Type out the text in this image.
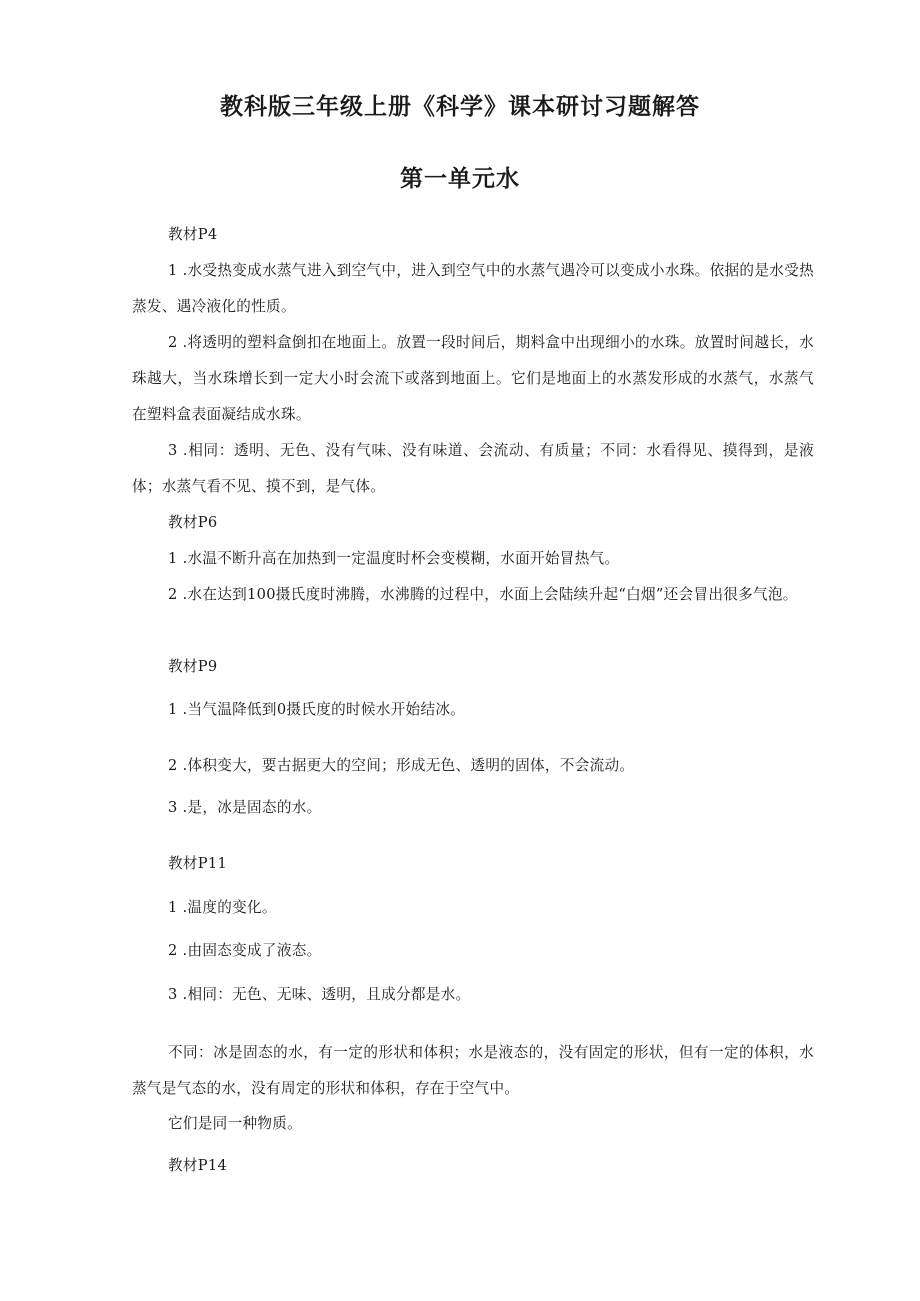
教科版三年级上册《科学》课本研讨习题解答
第一单元水

教材P4

1 .水受热变成水蒸气进入到空气中，进入到空气中的水蒸气遇冷可以变成小水珠。依据的是水受热蒸发、遇冷液化的性质。

2 .将透明的塑料盒倒扣在地面上。放置一段时间后，期料盒中出现细小的水珠。放置时间越长，水珠越大，当水珠增长到一定大小时会流下或落到地面上。它们是地面上的水蒸发形成的水蒸气，水蒸气在塑料盒表面凝结成水珠。

3 .相同：透明、无色、没有气味、没有味道、会流动、有质量；不同：水看得见、摸得到，是液体；水蒸气看不见、摸不到，是气体。

教材P6

1 .水温不断升高在加热到一定温度时杯会变模糊，水面开始冒热气。

2 .水在达到100摄氏度时沸腾，水沸腾的过程中，水面上会陆续升起“白烟”还会冒出很多气泡。

教材P9

1 .当气温降低到0摄氏度的时候水开始结冰。

2 .体积变大，要古据更大的空间；形成无色、透明的固体，不会流动。

3 .是，冰是固态的水。

教材P11

1 .温度的变化。

2 .由固态变成了液态。

3 .相同：无色、无味、透明，且成分都是水。

不同：冰是固态的水，有一定的形状和体积；水是液态的，没有固定的形状，但有一定的体积，水蒸气是气态的水，没有周定的形状和体积，存在于空气中。

它们是同一种物质。

教材P14
